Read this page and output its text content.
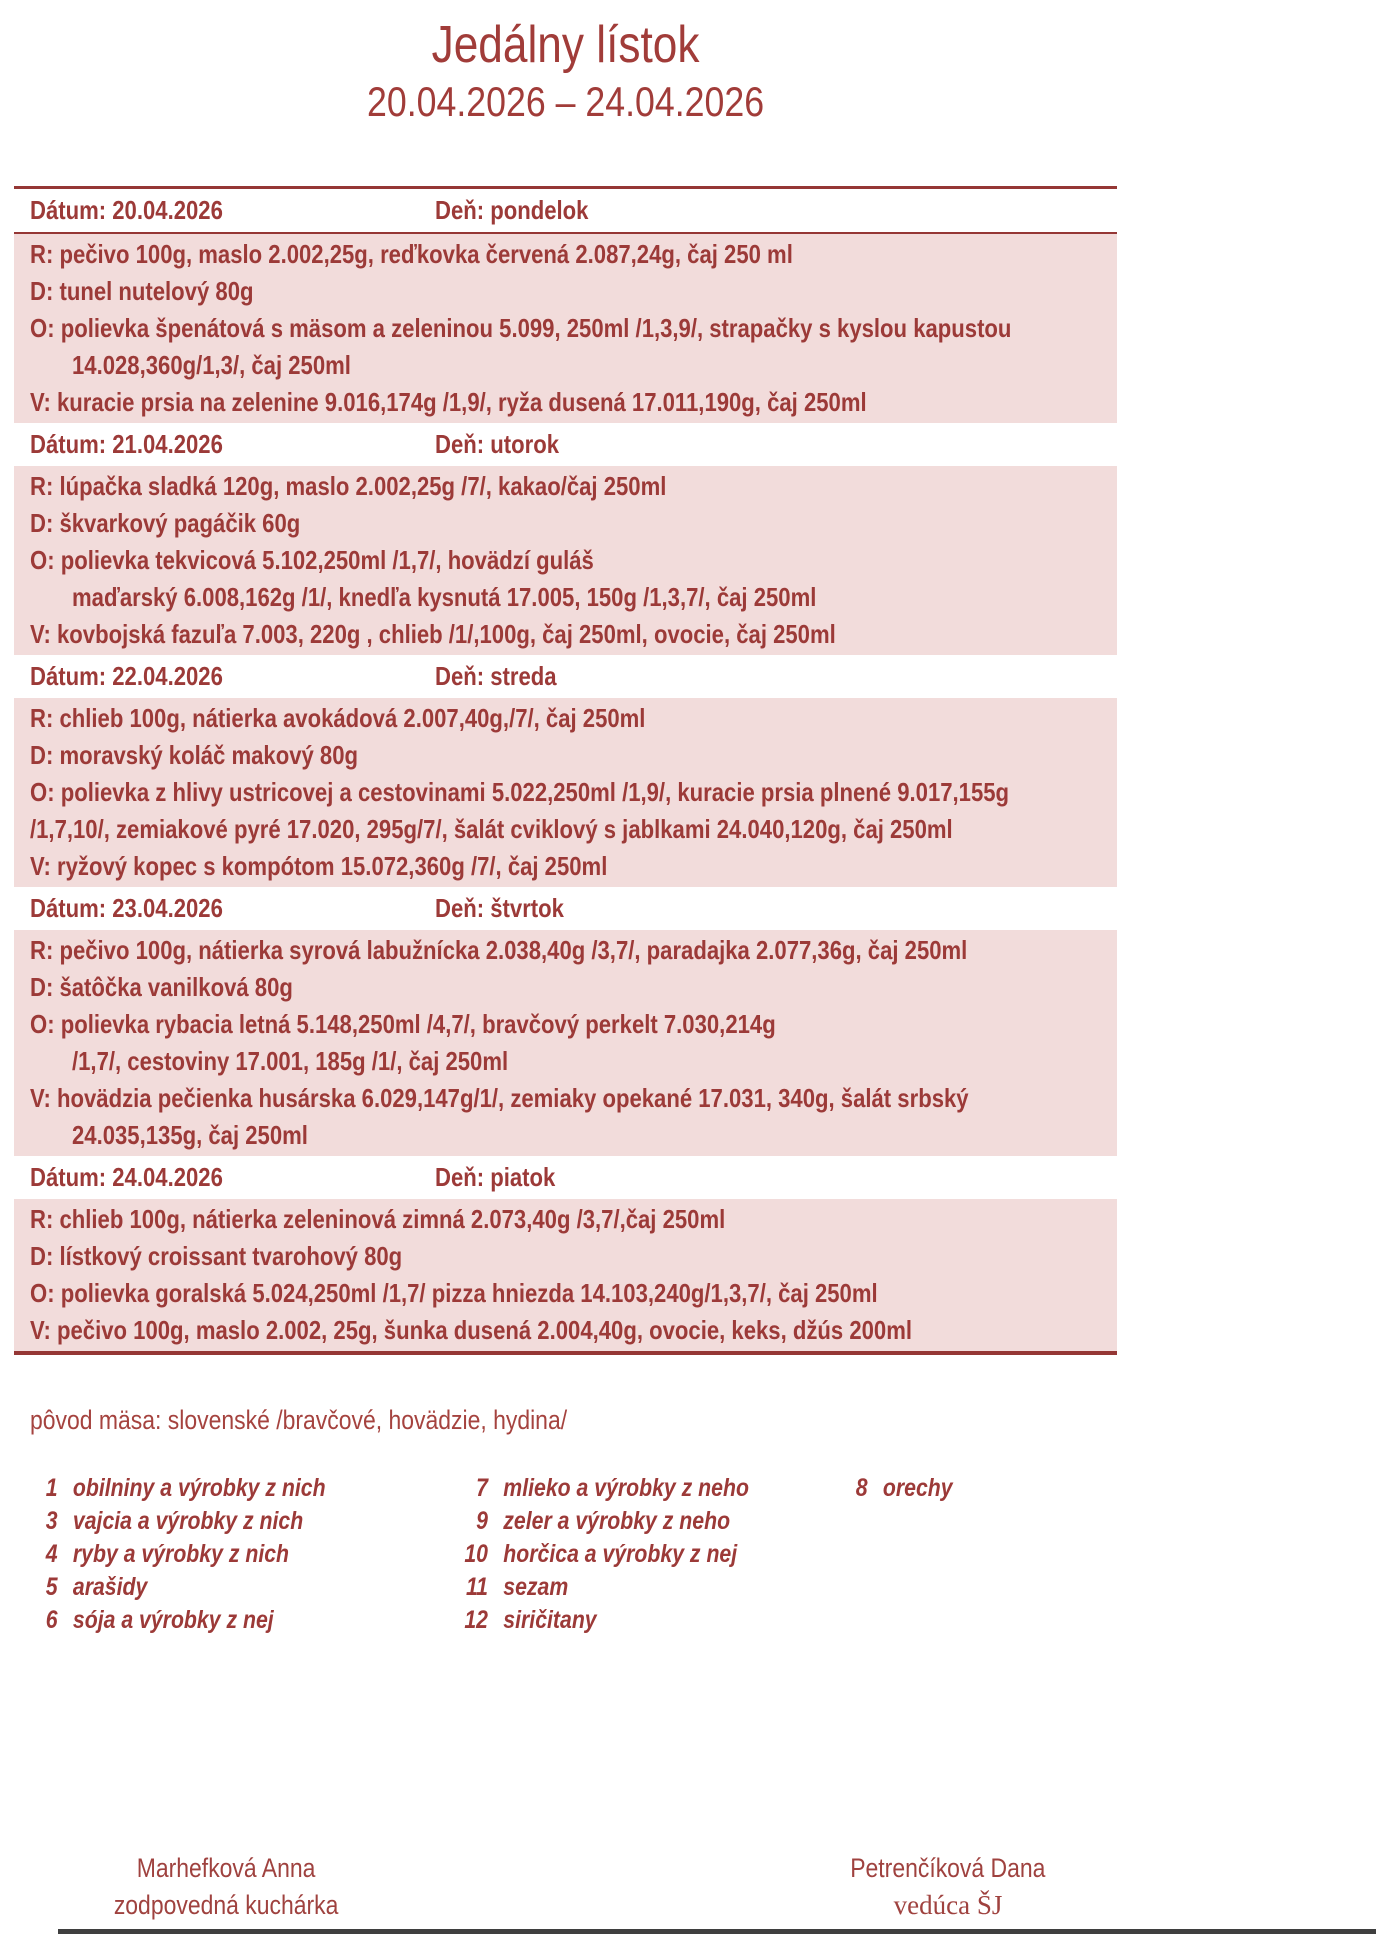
Jedálny lístok
20.04.2026 – 24.04.2026
Dátum: 20.04.2026	Deň: pondelok
R: pečivo 100g, maslo 2.002,25g, reďkovka červená 2.087,24g, čaj 250 ml
D: tunel nutelový 80g
O: polievka špenátová s mäsom a zeleninou 5.099, 250ml /1,3,9/, strapačky s kyslou kapustou
14.028,360g/1,3/, čaj 250ml
V: kuracie prsia na zelenine 9.016,174g /1,9/, ryža dusená 17.011,190g, čaj 250ml
Dátum: 21.04.2026	Deň: utorok
R: lúpačka sladká 120g, maslo 2.002,25g /7/, kakao/čaj 250ml
D: škvarkový pagáčik 60g
O: polievka tekvicová 5.102,250ml /1,7/, hovädzí guláš
maďarský 6.008,162g /1/, knedľa kysnutá 17.005, 150g /1,3,7/, čaj 250ml
V: kovbojská fazuľa 7.003, 220g , chlieb /1/,100g, čaj 250ml, ovocie, čaj 250ml
Dátum: 22.04.2026	Deň: streda
R: chlieb 100g, nátierka avokádová 2.007,40g,/7/, čaj 250ml
D: moravský koláč makový 80g
O: polievka z hlivy ustricovej a cestovinami 5.022,250ml /1,9/, kuracie prsia plnené 9.017,155g
/1,7,10/, zemiakové pyré 17.020, 295g/7/, šalát cviklový s jablkami 24.040,120g, čaj 250ml
V: ryžový kopec s kompótom 15.072,360g /7/, čaj 250ml
Dátum: 23.04.2026	Deň: štvrtok
R: pečivo 100g, nátierka syrová labužnícka 2.038,40g /3,7/, paradajka 2.077,36g, čaj 250ml
D: šatôčka vanilková 80g
O: polievka rybacia letná 5.148,250ml /4,7/, bravčový perkelt 7.030,214g
/1,7/, cestoviny 17.001, 185g /1/, čaj 250ml
V: hovädzia pečienka husárska 6.029,147g/1/, zemiaky opekané 17.031, 340g, šalát srbský
24.035,135g, čaj 250ml
Dátum: 24.04.2026	Deň: piatok
R: chlieb 100g, nátierka zeleninová zimná 2.073,40g /3,7/,čaj 250ml
D: lístkový croissant tvarohový 80g
O: polievka goralská 5.024,250ml /1,7/ pizza hniezda 14.103,240g/1,3,7/, čaj 250ml
V: pečivo 100g, maslo 2.002, 25g, šunka dusená 2.004,40g, ovocie, keks, džús 200ml
pôvod mäsa: slovenské /bravčové, hovädzie, hydina/
1 obilniny a výrobky z nich
3 vajcia a výrobky z nich
4 ryby a výrobky z nich
5 arašidy
6 sója a výrobky z nej
7 mlieko a výrobky z neho
9 zeler a výrobky z neho
10 horčica a výrobky z nej
11 sezam
12 siričitany
8 orechy
Marhefková Anna
zodpovedná kuchárka
Petrenčíková Dana
vedúca ŠJ
